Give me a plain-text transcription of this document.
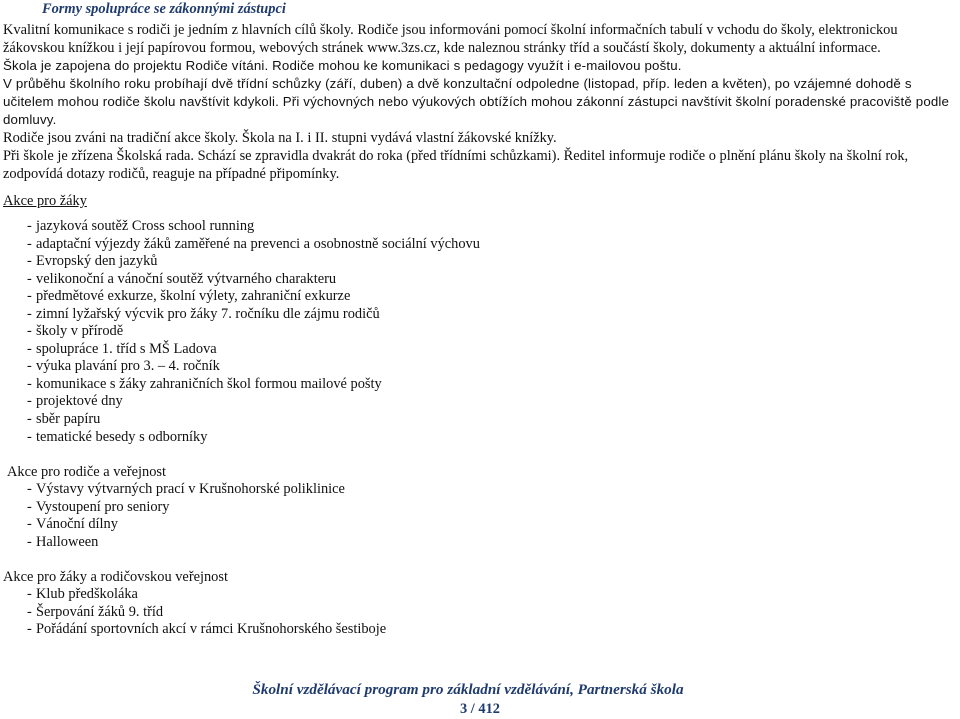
Formy spolupráce se zákonnými zástupci

Kvalitní komunikace s rodiči je jedním z hlavních cílů školy. Rodiče jsou informováni pomocí školní informačních tabulí v vchodu do školy, elektronickou žákovskou knížkou i její papírovou formou, webových stránek www.3zs.cz, kde naleznou stránky tříd a součástí školy, dokumenty a aktuální informace.

Škola je zapojena do projektu Rodiče vítáni. Rodiče mohou ke komunikaci s pedagogy využít i e-mailovou poštu.

V průběhu školního roku probíhají dvě třídní schůzky (září, duben) a dvě konzultační odpoledne (listopad, příp. leden a květen), po vzájemné dohodě s učitelem mohou rodiče školu navštívit kdykoli. Při výchovných nebo výukových obtížích mohou zákonní zástupci navštívit školní poradenské pracoviště podle domluvy.

Rodiče jsou zváni na tradiční akce školy. Škola na I. i II. stupni vydává vlastní žákovské knížky.

Při škole je zřízena Školská rada. Schází se zpravidla dvakrát do roka (před třídními schůzkami). Ředitel informuje rodiče o plnění plánu školy na školní rok, zodpovídá dotazy rodičů, reaguje na případné připomínky.

Akce pro žáky
- jazyková soutěž Cross school running
- adaptační výjezdy žáků zaměřené na prevenci a osobnostně sociální výchovu
- Evropský den jazyků
- velikonoční a vánoční soutěž výtvarného charakteru
- předmětové exkurze, školní výlety, zahraniční exkurze
- zimní lyžařský výcvik pro žáky 7. ročníku dle zájmu rodičů
- školy v přírodě
- spolupráce 1. tříd s MŠ Ladova
- výuka plavání pro 3. – 4. ročník
- komunikace s žáky zahraničních škol formou mailové pošty
- projektové dny
- sběr papíru
- tematické besedy s odborníky
Akce pro rodiče a veřejnost
- Výstavy výtvarných prací v Krušnohorské poliklinice
- Vystoupení pro seniory
- Vánoční dílny
- Halloween
Akce pro žáky a rodičovskou veřejnost
- Klub předškoláka
- Šerpování žáků 9. tříd
- Pořádání sportovních akcí v rámci Krušnohorského šestiboje
Školní vzdělávací program pro základní vzdělávání, Partnerská škola
3 / 412
